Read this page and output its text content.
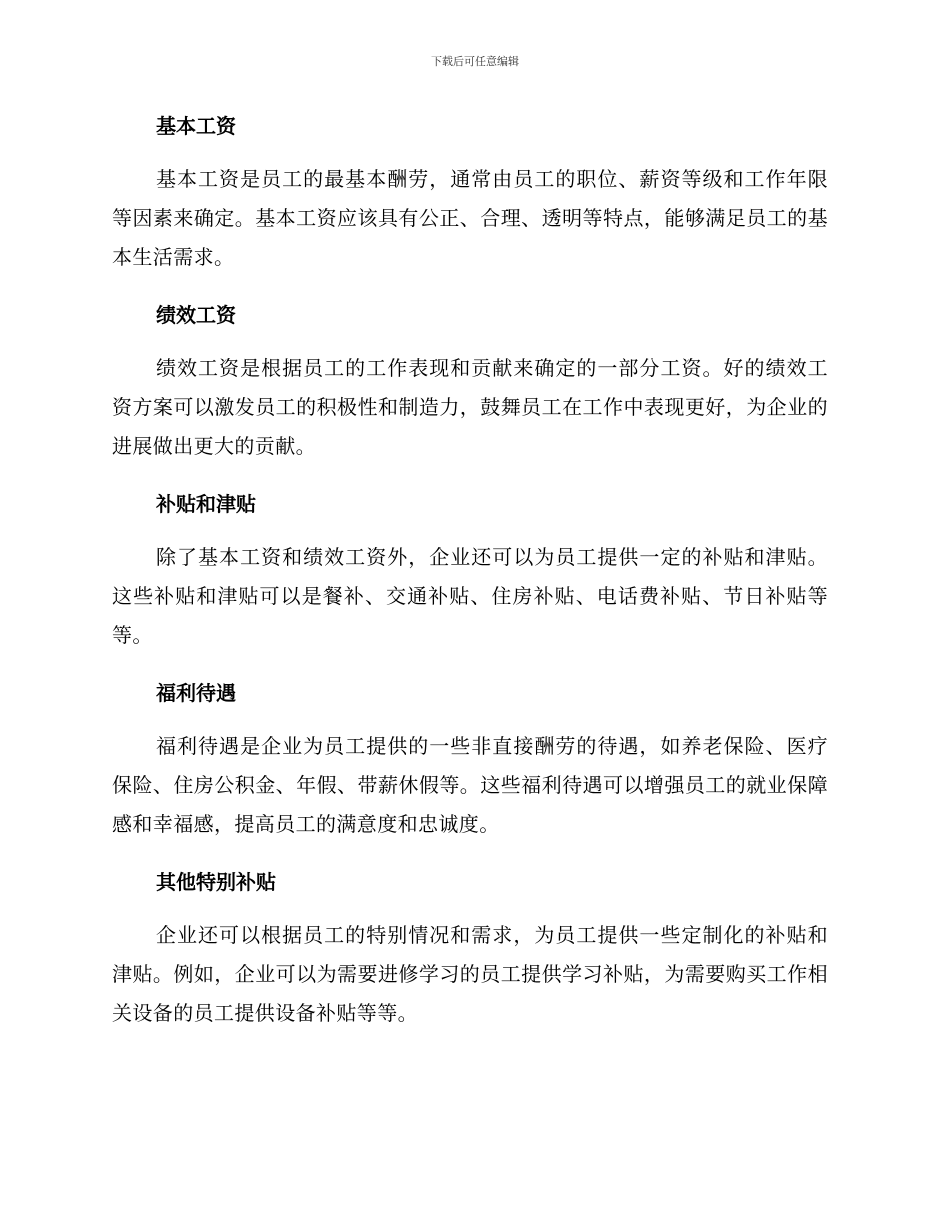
下载后可任意编辑
基本工资

基本工资是员工的最基本酬劳，通常由员工的职位、薪资等级和工作年限等因素来确定。基本工资应该具有公正、合理、透明等特点，能够满足员工的基本生活需求。

绩效工资

绩效工资是根据员工的工作表现和贡献来确定的一部分工资。好的绩效工资方案可以激发员工的积极性和制造力，鼓舞员工在工作中表现更好，为企业的进展做出更大的贡献。

补贴和津贴

除了基本工资和绩效工资外，企业还可以为员工提供一定的补贴和津贴。这些补贴和津贴可以是餐补、交通补贴、住房补贴、电话费补贴、节日补贴等等。

福利待遇

福利待遇是企业为员工提供的一些非直接酬劳的待遇，如养老保险、医疗保险、住房公积金、年假、带薪休假等。这些福利待遇可以增强员工的就业保障感和幸福感，提高员工的满意度和忠诚度。

其他特别补贴

企业还可以根据员工的特别情况和需求，为员工提供一些定制化的补贴和津贴。例如，企业可以为需要进修学习的员工提供学习补贴，为需要购买工作相关设备的员工提供设备补贴等等。
